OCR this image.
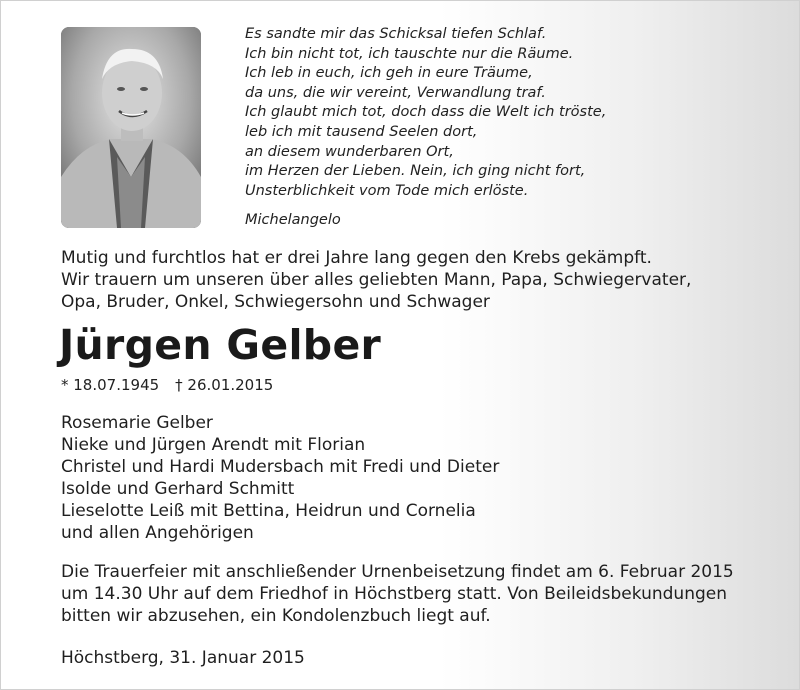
Es sandte mir das Schicksal tiefen Schlaf.
Ich bin nicht tot, ich tauschte nur die Räume.
Ich leb in euch, ich geh in eure Träume,
da uns, die wir vereint, Verwandlung traf.
Ich glaubt mich tot, doch dass die Welt ich tröste,
leb ich mit tausend Seelen dort,
an diesem wunderbaren Ort,
im Herzen der Lieben. Nein, ich ging nicht fort,
Unsterblichkeit vom Tode mich erlöste.
Michelangelo
Mutig und furchtlos hat er drei Jahre lang gegen den Krebs gekämpft.
Wir trauern um unseren über alles geliebten Mann, Papa, Schwiegervater,
Opa, Bruder, Onkel, Schwiegersohn und Schwager
Jürgen Gelber
* 18.07.1945 † 26.01.2015
Rosemarie Gelber
Nieke und Jürgen Arendt mit Florian
Christel und Hardi Mudersbach mit Fredi und Dieter
Isolde und Gerhard Schmitt
Lieselotte Leiß mit Bettina, Heidrun und Cornelia
und allen Angehörigen
Die Trauerfeier mit anschließender Urnenbeisetzung findet am 6. Februar 2015
um 14.30 Uhr auf dem Friedhof in Höchstberg statt. Von Beileidsbekundungen
bitten wir abzusehen, ein Kondolenzbuch liegt auf.
Höchstberg, 31. Januar 2015
